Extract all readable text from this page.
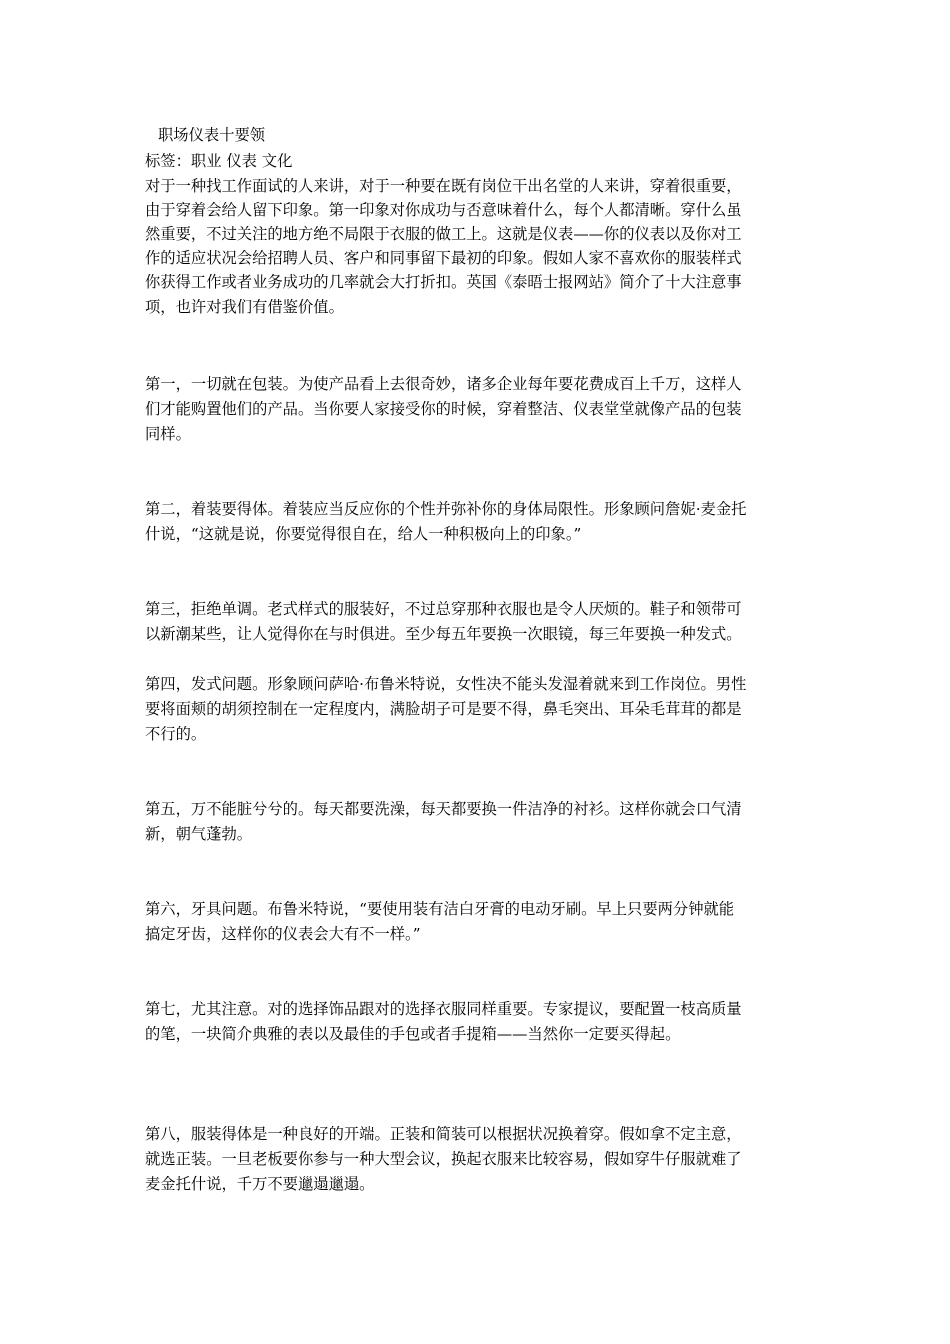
职场仪表十要领
标签：职业 仪表 文化
对于一种找工作面试的人来讲，对于一种要在既有岗位干出名堂的人来讲，穿着很重要，
由于穿着会给人留下印象。第一印象对你成功与否意味着什么，每个人都清晰。穿什么虽
然重要，不过关注的地方绝不局限于衣服的做工上。这就是仪表——你的仪表以及你对工
作的适应状况会给招聘人员、客户和同事留下最初的印象。假如人家不喜欢你的服装样式
你获得工作或者业务成功的几率就会大打折扣。英国《泰晤士报网站》简介了十大注意事
项，也许对我们有借鉴价值。
第一，一切就在包装。为使产品看上去很奇妙，诸多企业每年要花费成百上千万，这样人
们才能购置他们的产品。当你要人家接受你的时候，穿着整洁、仪表堂堂就像产品的包装
同样。
第二，着装要得体。着装应当反应你的个性并弥补你的身体局限性。形象顾问詹妮·麦金托
什说，“这就是说，你要觉得很自在，给人一种积极向上的印象。”
第三，拒绝单调。老式样式的服装好，不过总穿那种衣服也是令人厌烦的。鞋子和领带可
以新潮某些，让人觉得你在与时俱进。至少每五年要换一次眼镜，每三年要换一种发式。
第四，发式问题。形象顾问萨哈·布鲁米特说，女性决不能头发湿着就来到工作岗位。男性
要将面颊的胡须控制在一定程度内，满脸胡子可是要不得，鼻毛突出、耳朵毛茸茸的都是
不行的。
第五，万不能脏兮兮的。每天都要洗澡，每天都要换一件洁净的衬衫。这样你就会口气清
新，朝气蓬勃。
第六，牙具问题。布鲁米特说，“要使用装有洁白牙膏的电动牙刷。早上只要两分钟就能
搞定牙齿，这样你的仪表会大有不一样。”
第七，尤其注意。对的选择饰品跟对的选择衣服同样重要。专家提议，要配置一枝高质量
的笔，一块简介典雅的表以及最佳的手包或者手提箱——当然你一定要买得起。
第八，服装得体是一种良好的开端。正装和简装可以根据状况换着穿。假如拿不定主意，
就选正装。一旦老板要你参与一种大型会议，换起衣服来比较容易，假如穿牛仔服就难了
麦金托什说，千万不要邋遢邋遢。
